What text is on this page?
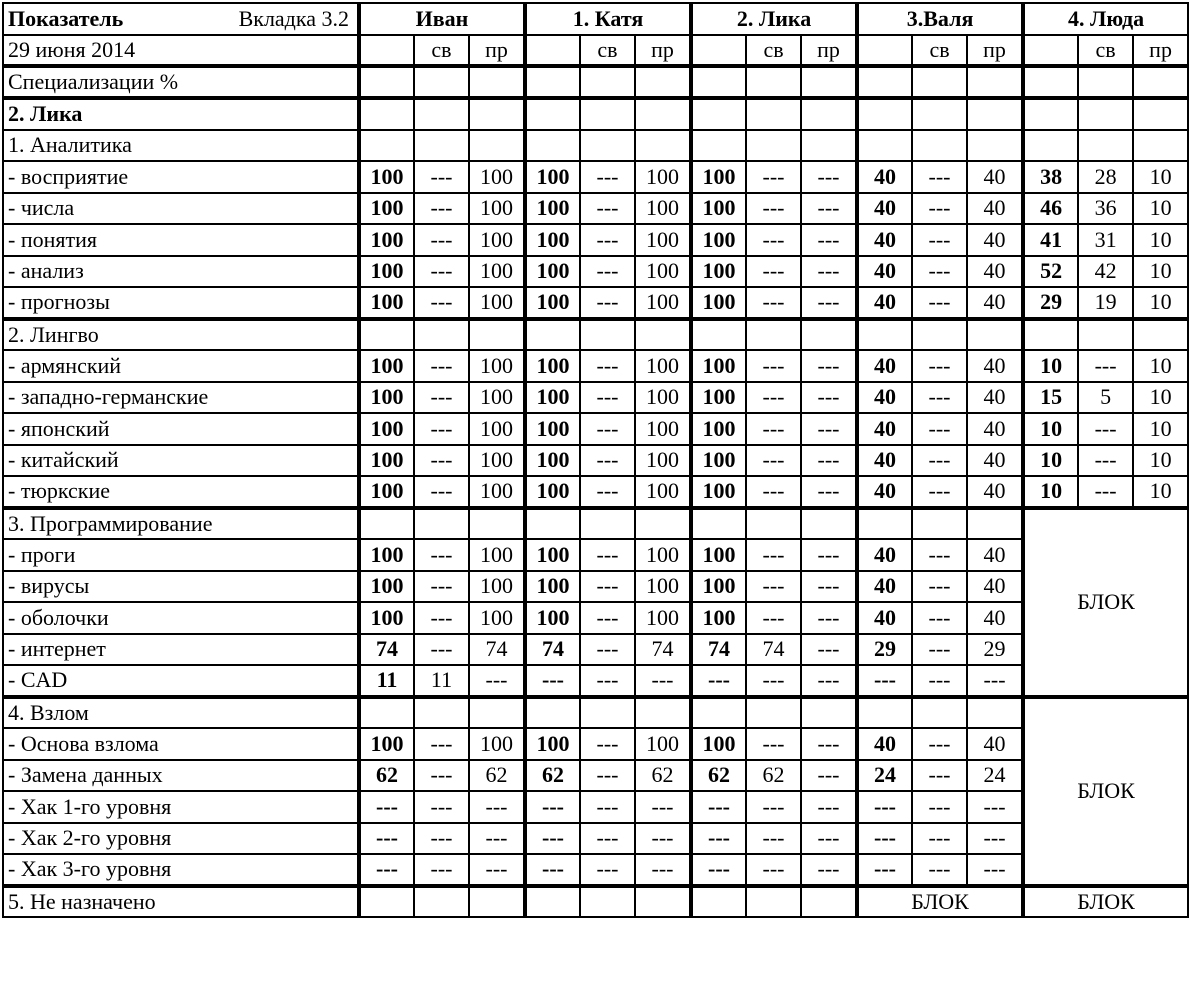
Показатель Вкладка 3.2	Иван			1. Катя			2. Лика			3.Валя			4. Люда		
29 июня 2014		св	пр		св	пр		св	пр		св	пр		св	пр
Специализации %															
2. Лика															
1. Аналитика															
- восприятие	100	---	100	100	---	100	100	---	---	40	---	40	38	28	10
- числа	100	---	100	100	---	100	100	---	---	40	---	40	46	36	10
- понятия	100	---	100	100	---	100	100	---	---	40	---	40	41	31	10
- анализ	100	---	100	100	---	100	100	---	---	40	---	40	52	42	10
- прогнозы	100	---	100	100	---	100	100	---	---	40	---	40	29	19	10
2. Лингво															
- армянский	100	---	100	100	---	100	100	---	---	40	---	40	10	---	10
- западно-германские	100	---	100	100	---	100	100	---	---	40	---	40	15	5	10
- японский	100	---	100	100	---	100	100	---	---	40	---	40	10	---	10
- китайский	100	---	100	100	---	100	100	---	---	40	---	40	10	---	10
- тюркские	100	---	100	100	---	100	100	---	---	40	---	40	10	---	10
3. Программирование													БЛОК		
- проги	100	---	100	100	---	100	100	---	---	40	---	40			
- вирусы	100	---	100	100	---	100	100	---	---	40	---	40			
- оболочки	100	---	100	100	---	100	100	---	---	40	---	40			
- интернет	74	---	74	74	---	74	74	74	---	29	---	29			
- CAD	11	11	---	---	---	---	---	---	---	---	---	---			
4. Взлом													БЛОК		
- Основа взлома	100	---	100	100	---	100	100	---	---	40	---	40			
- Замена данных	62	---	62	62	---	62	62	62	---	24	---	24			
- Хак 1-го уровня	---	---	---	---	---	---	---	---	---	---	---	---			
- Хак 2-го уровня	---	---	---	---	---	---	---	---	---	---	---	---			
- Хак 3-го уровня	---	---	---	---	---	---	---	---	---	---	---	---			
5. Не назначено										БЛОК			БЛОК		
